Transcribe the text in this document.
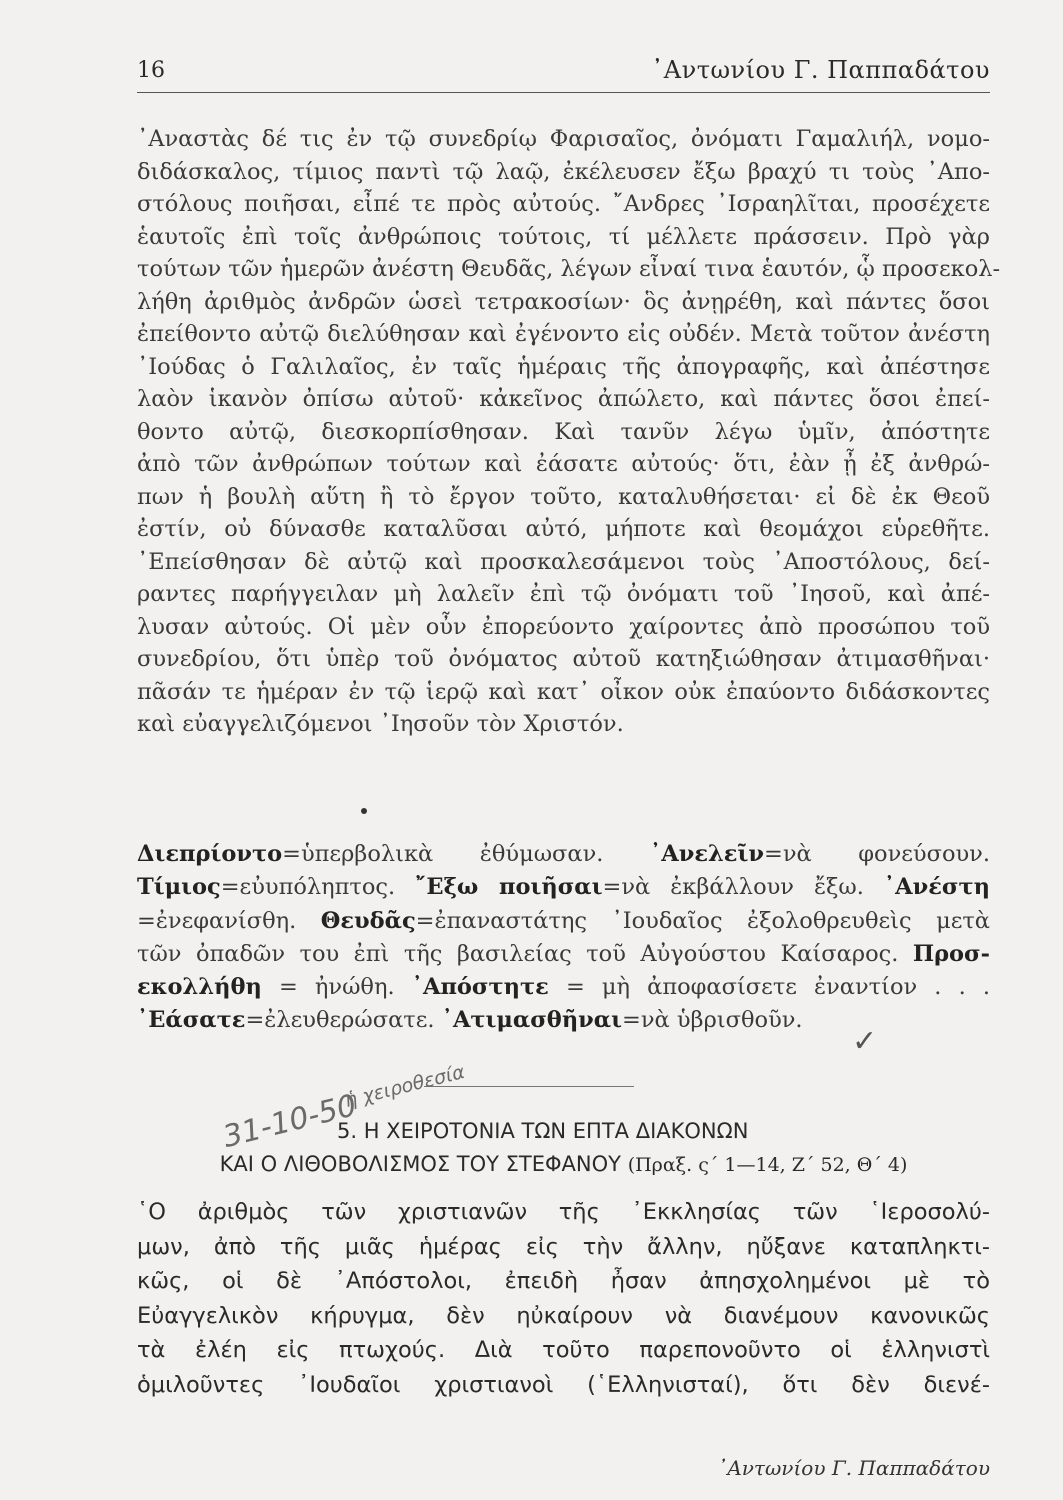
16	᾿Αντωνίου Γ. Παππαδάτου
᾿Αναστὰς δέ τις ἐν τῷ συνεδρίῳ Φαρισαῖος, ὀνόματι Γαμαλιήλ, νομο-
διδάσκαλος, τίμιος παντὶ τῷ λαῷ, ἐκέλευσεν ἔξω βραχύ τι τοὺς ᾿Απο-
στόλους ποιῆσαι, εἶπέ τε πρὸς αὐτούς. ῎Ανδρες ᾿Ισραηλῖται, προσέχετε
ἑαυτοῖς ἐπὶ τοῖς ἀνθρώποις τούτοις, τί μέλλετε πράσσειν. Πρὸ γὰρ
τούτων τῶν ἡμερῶν ἀνέστη Θευδᾶς, λέγων εἶναί τινα ἑαυτόν, ᾧ προσεκολ-
λήθη ἀριθμὸς ἀνδρῶν ὡσεὶ τετρακοσίων· ὃς ἀνῃρέθη, καὶ πάντες ὅσοι
ἐπείθοντο αὐτῷ διελύθησαν καὶ ἐγένοντο εἰς οὐδέν. Μετὰ τοῦτον ἀνέστη
᾿Ιούδας ὁ Γαλιλαῖος, ἐν ταῖς ἡμέραις τῆς ἀπογραφῆς, καὶ ἀπέστησε
λαὸν ἱκανὸν ὀπίσω αὐτοῦ· κἀκεῖνος ἀπώλετο, καὶ πάντες ὅσοι ἐπεί-
θοντο αὐτῷ, διεσκορπίσθησαν. Καὶ τανῦν λέγω ὑμῖν, ἀπόστητε
ἀπὸ τῶν ἀνθρώπων τούτων καὶ ἐάσατε αὐτούς· ὅτι, ἐὰν ᾖ ἐξ ἀνθρώ-
πων ἡ βουλὴ αὕτη ἢ τὸ ἔργον τοῦτο, καταλυθήσεται· εἰ δὲ ἐκ Θεοῦ
ἐστίν, οὐ δύνασθε καταλῦσαι αὐτό, μήποτε καὶ θεομάχοι εὑρεθῆτε.
᾿Επείσθησαν δὲ αὐτῷ καὶ προσκαλεσάμενοι τοὺς ᾿Αποστόλους, δεί-
ραντες παρήγγειλαν μὴ λαλεῖν ἐπὶ τῷ ὀνόματι τοῦ ᾿Ιησοῦ, καὶ ἀπέ-
λυσαν αὐτούς. Οἱ μὲν οὖν ἐπορεύοντο χαίροντες ἀπὸ προσώπου τοῦ
συνεδρίου, ὅτι ὑπὲρ τοῦ ὀνόματος αὐτοῦ κατηξιώθησαν ἀτιμασθῆναι·
πᾶσάν τε ἡμέραν ἐν τῷ ἱερῷ καὶ κατ᾿ οἶκον οὐκ ἐπαύοντο διδάσκοντες
καὶ εὐαγγελιζόμενοι ᾿Ιησοῦν τὸν Χριστόν.
Διεπρίοντο=ὑπερβολικὰ ἐθύμωσαν. ᾿Ανελεῖν=νὰ φονεύσουν.
Τίμιος=εὐυπόληπτος. ῎Εξω ποιῆσαι=νὰ ἐκβάλλουν ἔξω. ᾿Ανέστη
=ἐνεφανίσθη. Θευδᾶς=ἐπαναστάτης ᾿Ιουδαῖος ἐξολοθρευθεὶς μετὰ
τῶν ὀπαδῶν του ἐπὶ τῆς βασιλείας τοῦ Αὐγούστου Καίσαρος. Προσ-
εκολλήθη = ἠνώθη. ᾿Απόστητε = μὴ ἀποφασίσετε ἐναντίον . . .
᾿Εάσατε=ἐλευθερώσατε. ᾿Ατιμασθῆναι=νὰ ὑβρισθοῦν.
✓
31-10-50
ἡ χειροθεσία
5. Η ΧΕΙΡΟΤΟΝΙΑ ΤΩΝ ΕΠΤΑ ΔΙΑΚΟΝΩΝ
ΚΑΙ Ο ΛΙΘΟΒΟΛΙΣΜΟΣ ΤΟΥ ΣΤΕΦΑΝΟΥ (Πραξ. ς΄ 1—14, Ζ΄ 52, Θ΄ 4)
῾Ο ἀριθμὸς τῶν χριστιανῶν τῆς ᾿Εκκλησίας τῶν ῾Ιεροσολύ-
μων, ἀπὸ τῆς μιᾶς ἡμέρας εἰς τὴν ἄλλην, ηὔξανε καταπληκτι-
κῶς, οἱ δὲ ᾿Απόστολοι, ἐπειδὴ ἦσαν ἀπησχολημένοι μὲ τὸ
Εὐαγγελικὸν κήρυγμα, δὲν ηὐκαίρουν νὰ διανέμουν κανονικῶς
τὰ ἐλέη εἰς πτωχούς. Διὰ τοῦτο παρεπονοῦντο οἱ ἑλληνιστὶ
ὁμιλοῦντες ᾿Ιουδαῖοι χριστιανοὶ (῾Ελληνισταί), ὅτι δὲν διενέ-
᾿Αντωνίου Γ. Παππαδάτου
